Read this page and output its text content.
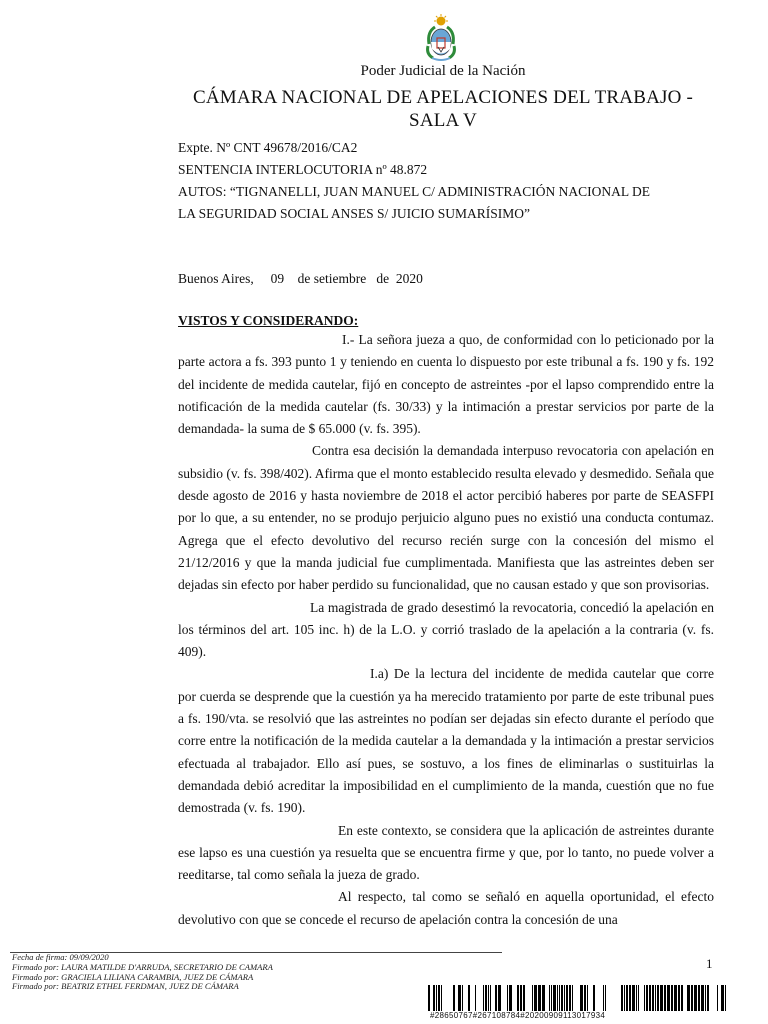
Poder Judicial de la Nación
CÁMARA NACIONAL DE APELACIONES DEL TRABAJO -
SALA V
Expte. Nº CNT 49678/2016/CA2
SENTENCIA INTERLOCUTORIA nº 48.872
AUTOS: “TIGNANELLI, JUAN MANUEL C/ ADMINISTRACIÓN NACIONAL DE
LA SEGURIDAD SOCIAL ANSES S/ JUICIO SUMARÍSIMO”
Buenos Aires,     09    de setiembre   de  2020
VISTOS Y CONSIDERANDO:

I.- La señora jueza a quo, de conformidad con lo peticionado por la parte actora a fs. 393 punto 1 y teniendo en cuenta lo dispuesto por este tribunal a fs. 190 y fs. 192 del incidente de medida cautelar, fijó en concepto de astreintes -por el lapso comprendido entre la notificación de la medida cautelar (fs. 30/33) y la intimación a prestar servicios por parte de la demandada- la suma de $ 65.000 (v. fs. 395).

Contra esa decisión la demandada interpuso revocatoria con apelación en subsidio (v. fs. 398/402). Afirma que el monto establecido resulta elevado y desmedido. Señala que desde agosto de 2016 y hasta noviembre de 2018 el actor percibió haberes por parte de SEASFPI por lo que, a su entender, no se produjo perjuicio alguno pues no existió una conducta contumaz. Agrega que el efecto devolutivo del recurso recién surge con la concesión del mismo el 21/12/2016 y que la manda judicial fue cumplimentada. Manifiesta que las astreintes deben ser dejadas sin efecto por haber perdido su funcionalidad, que no causan estado y que son provisorias.

La magistrada de grado desestimó la revocatoria, concedió la apelación en los términos del art. 105 inc. h) de la L.O. y corrió traslado de la apelación a la contraria (v. fs. 409).

I.a) De la lectura del incidente de medida cautelar que corre por cuerda se desprende que la cuestión ya ha merecido tratamiento por parte de este tribunal pues a fs. 190/vta. se resolvió que las astreintes no podían ser dejadas sin efecto durante el período que corre entre la notificación de la medida cautelar a la demandada y la intimación a prestar servicios efectuada al trabajador. Ello así pues, se sostuvo, a los fines de eliminarlas o sustituirlas la demandada debió acreditar la imposibilidad en el cumplimiento de la manda, cuestión que no fue demostrada (v. fs. 190).

En este contexto, se considera que la aplicación de astreintes durante ese lapso es una cuestión ya resuelta que se encuentra firme y que, por lo tanto, no puede volver a reeditarse, tal como señala la jueza de grado.

Al respecto, tal como se señaló en aquella oportunidad, el efecto devolutivo con que se concede el recurso de apelación contra la concesión de una

Fecha de firma: 09/09/2020
Firmado por: LAURA MATILDE D'ARRUDA, SECRETARIO DE CAMARA
Firmado por: GRACIELA LILIANA CARAMBIA, JUEZ DE CÁMARA
Firmado por: BEATRIZ ETHEL FERDMAN, JUEZ DE CÁMARA
1
#28650767#267108784#20200909113017934
